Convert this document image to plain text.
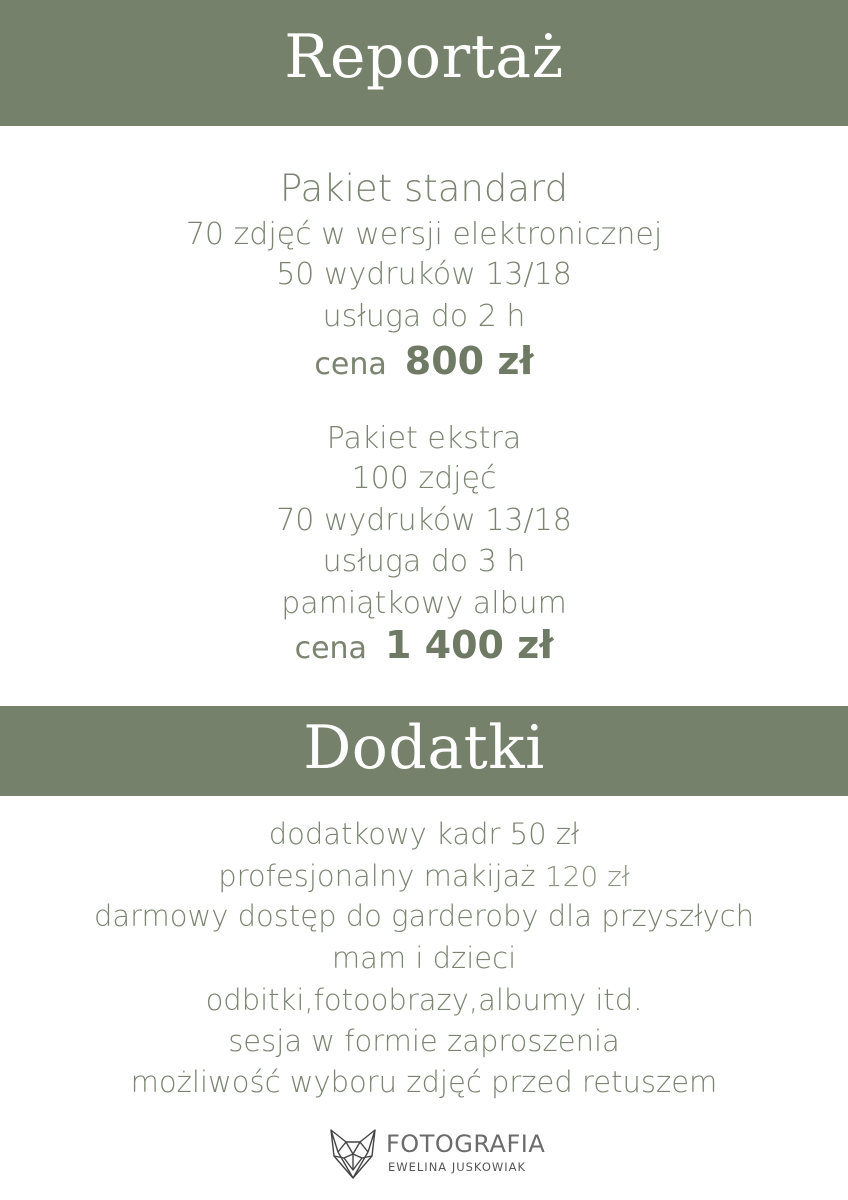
Reportaż
Pakiet standard
70 zdjęć w wersji elektronicznej
50 wydruków 13/18
usługa do 2 h
cena 800 zł
Pakiet ekstra
100 zdjęć
70 wydruków 13/18
usługa do 3 h
pamiątkowy album
cena 1 400 zł
Dodatki
dodatkowy kadr 50 zł
profesjonalny makijaż 120 zł
darmowy dostęp do garderoby dla przyszłych
mam i dzieci
odbitki,fotoobrazy,albumy itd.
sesja w formie zaproszenia
możliwość wyboru zdjęć przed retuszem
FOTOGRAFIA
EWELINA JUSKOWIAK
